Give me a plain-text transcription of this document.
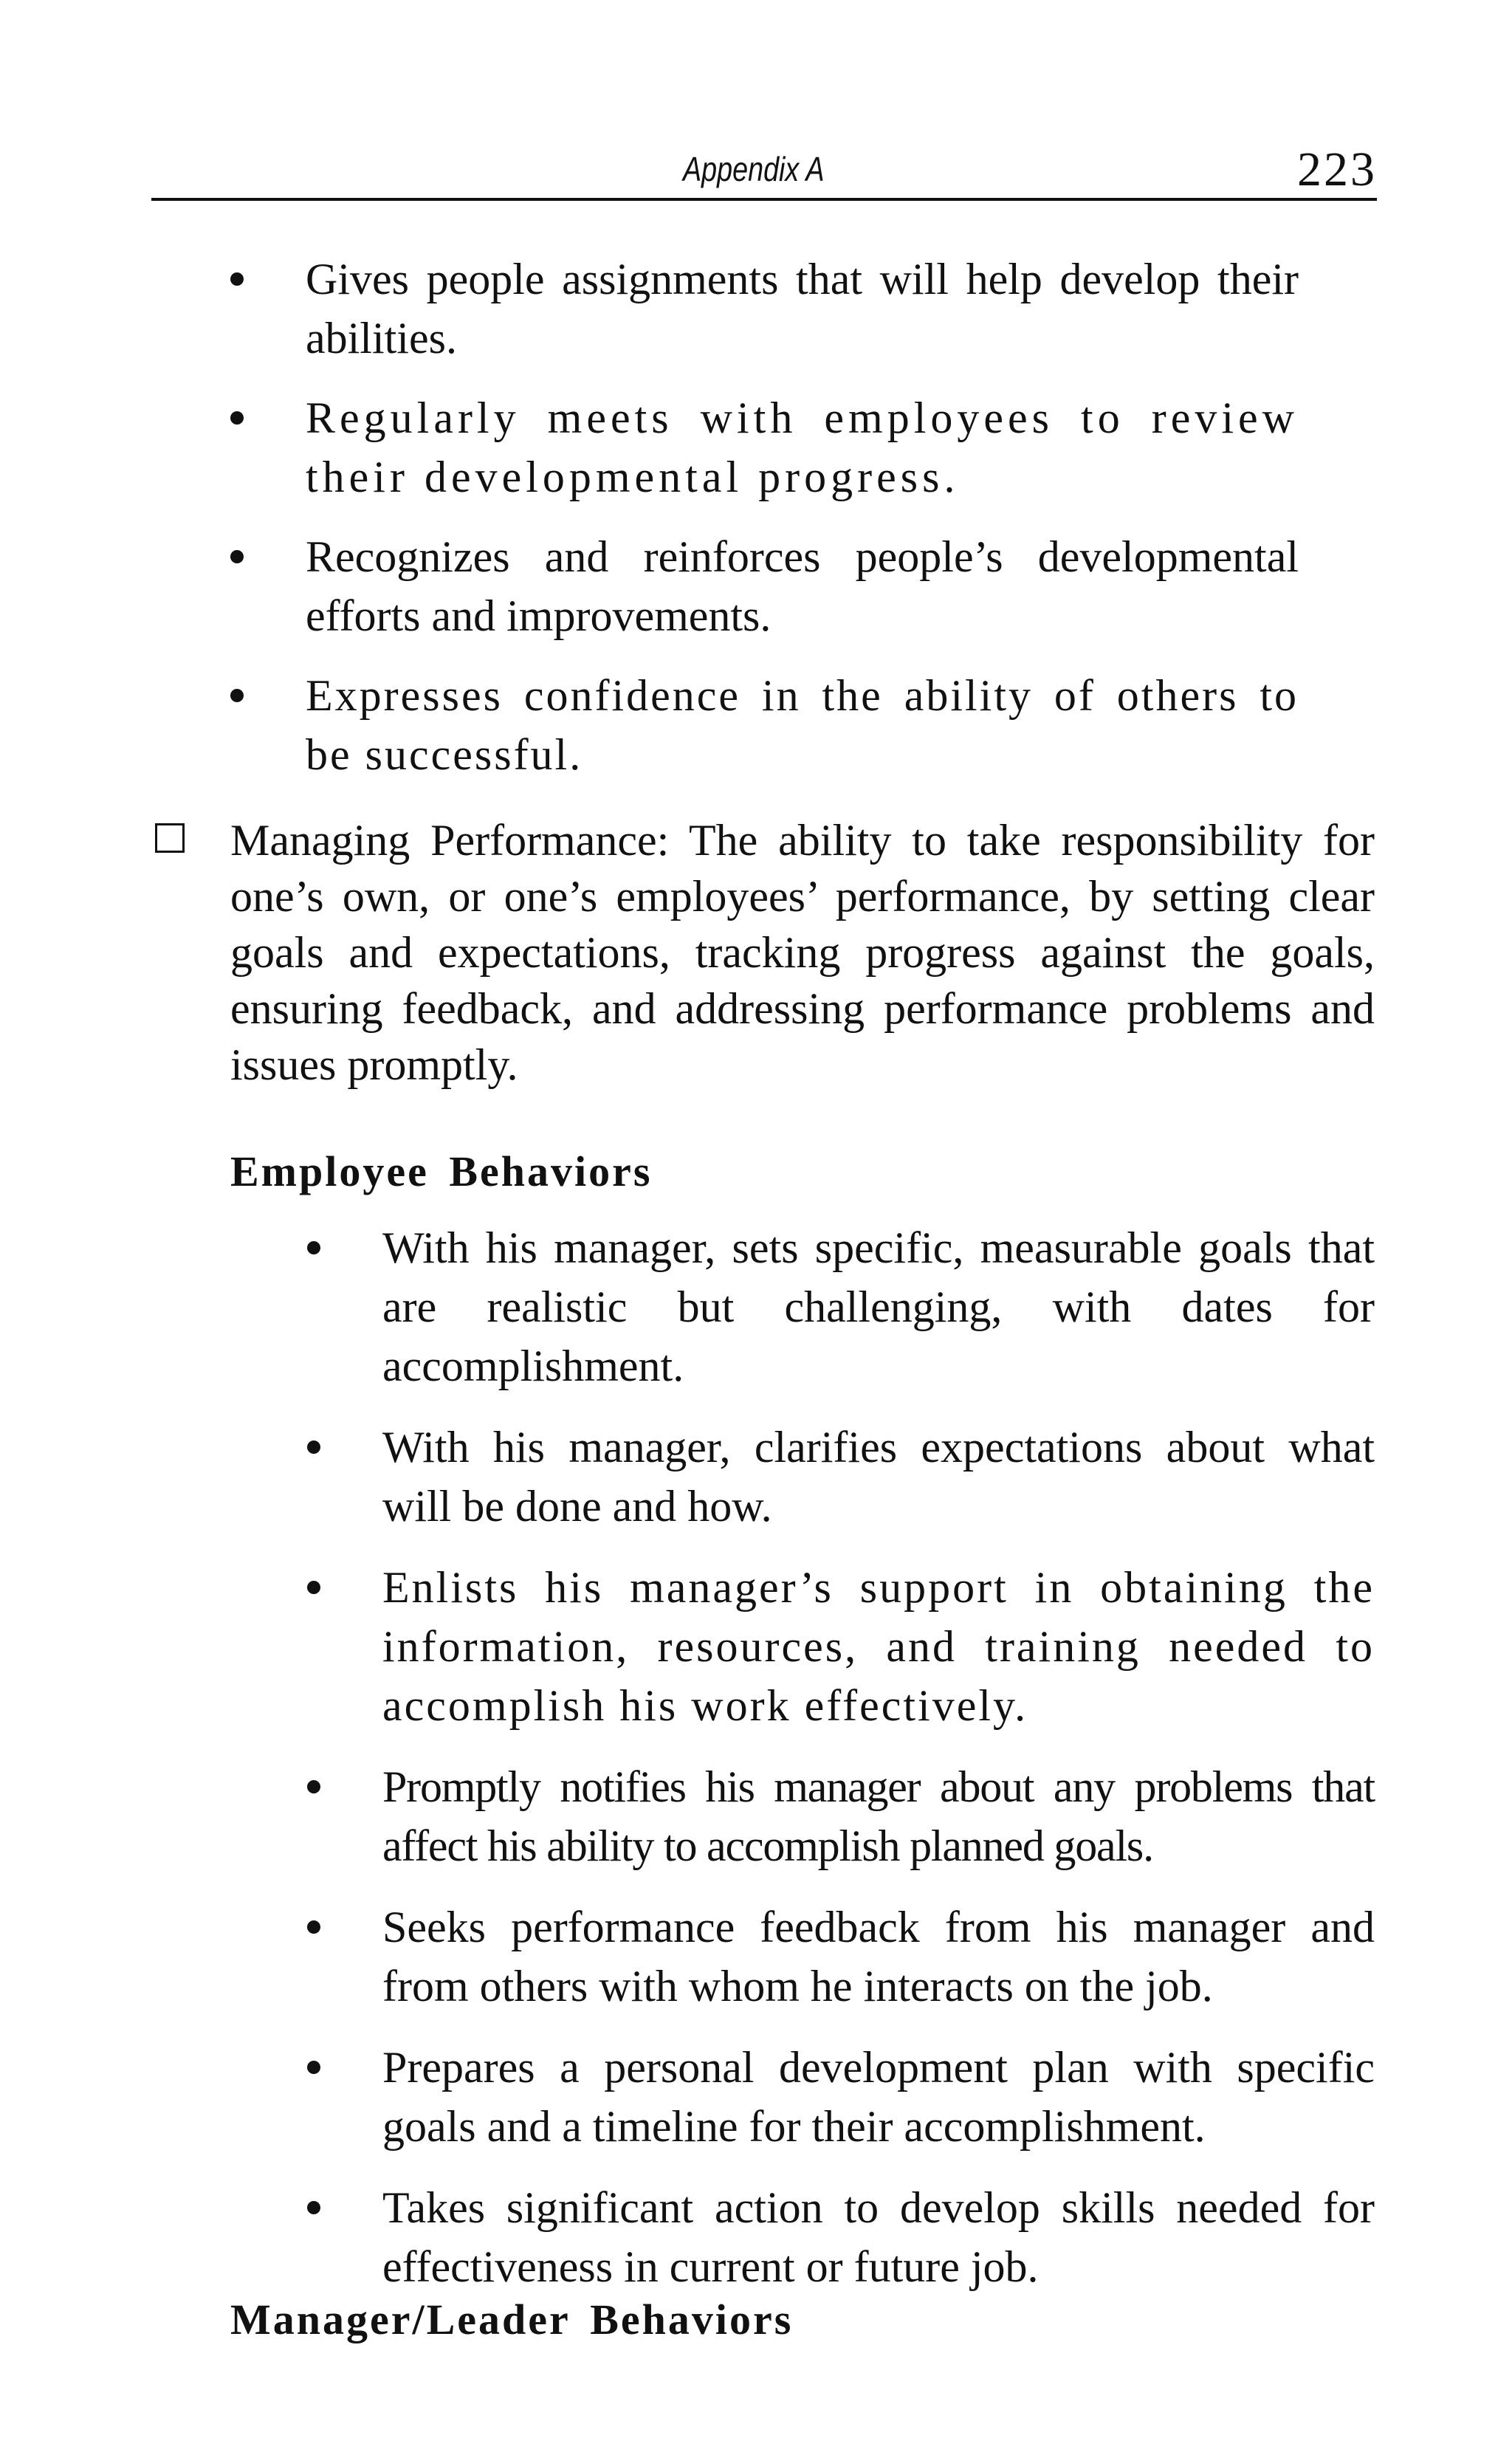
Appendix A	223
Gives people assignments that will help develop their abilities.
Regularly meets with employees to review their developmental progress.
Recognizes and reinforces people’s developmental efforts and improvements.
Expresses confidence in the ability of others to be successful.

Managing Performance: The ability to take responsibility for one’s own, or one’s employees’ performance, by setting clear goals and expectations, tracking progress against the goals, ensuring feedback, and addressing performance problems and issues promptly.

Employee Behaviors
With his manager, sets specific, measurable goals that are realistic but challenging, with dates for accomplishment.
With his manager, clarifies expectations about what will be done and how.
Enlists his manager’s support in obtaining the information, resources, and training needed to accomplish his work effectively.
Promptly notifies his manager about any problems that affect his ability to accomplish planned goals.
Seeks performance feedback from his manager and from others with whom he interacts on the job.
Prepares a personal development plan with specific goals and a timeline for their accomplishment.
Takes significant action to develop skills needed for effectiveness in current or future job.
Manager/Leader Behaviors
